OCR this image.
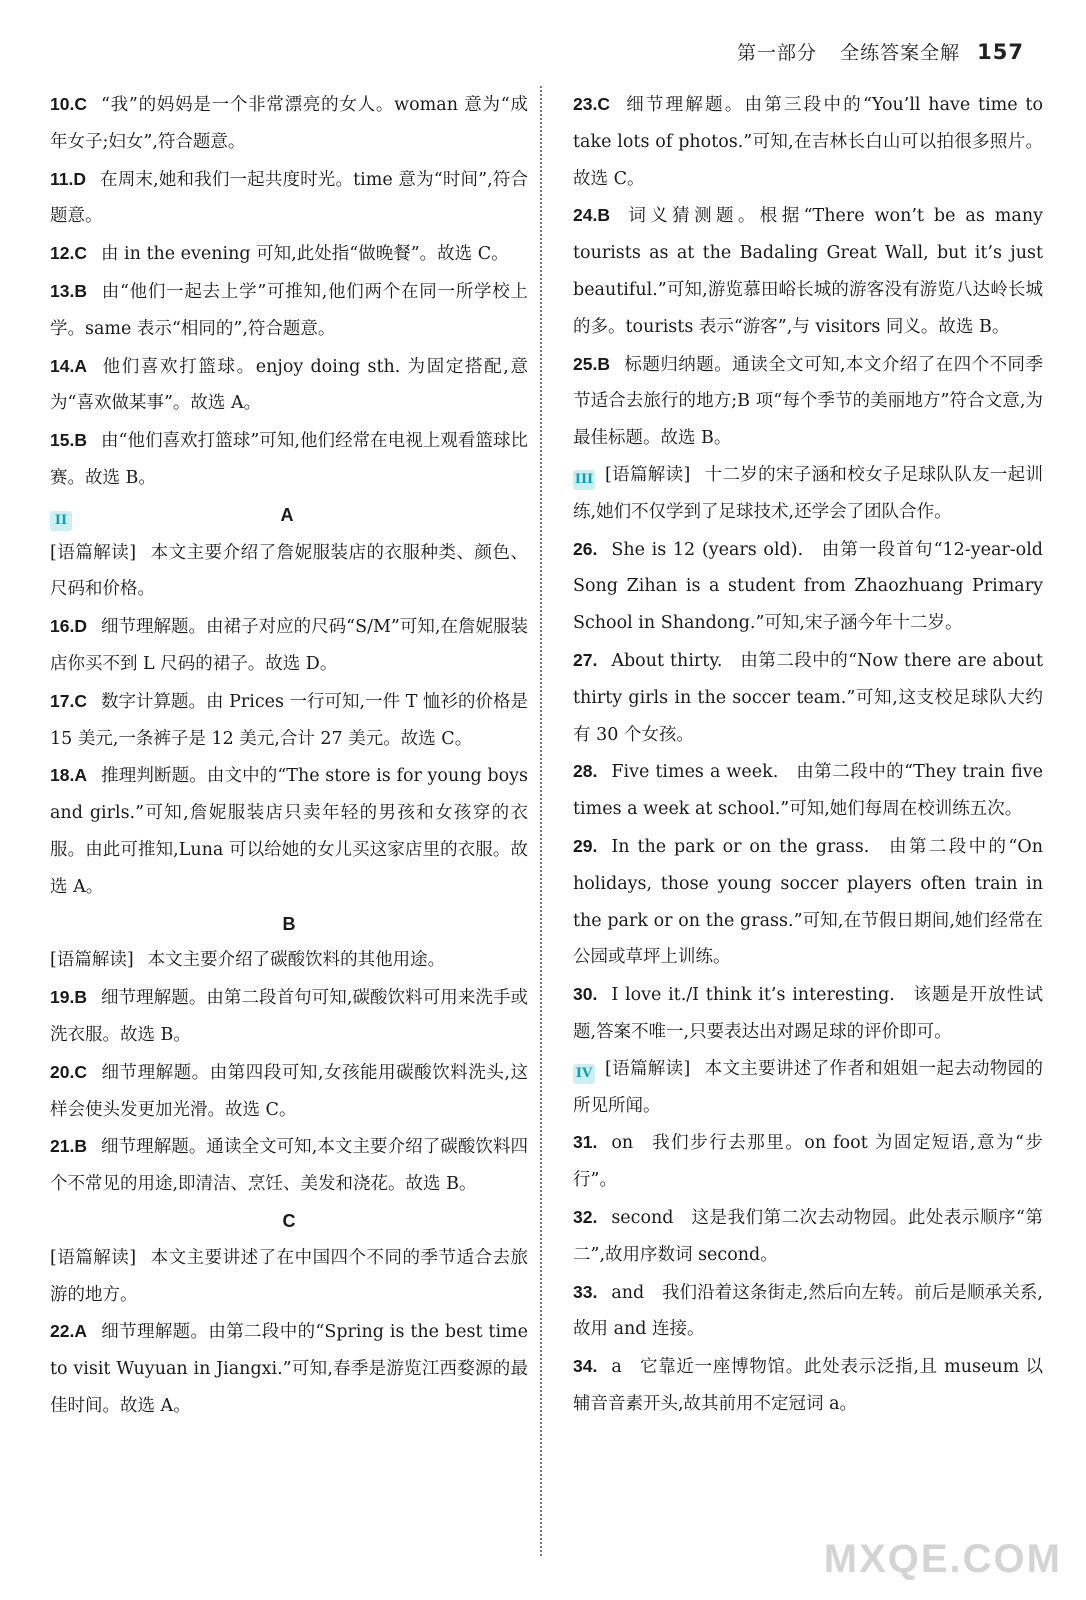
第一部分 全练答案全解 157

10.C “我”的妈妈是一个非常漂亮的女人。woman 意为“成年女子;妇女”,符合题意。

11.D 在周末,她和我们一起共度时光。time 意为“时间”,符合题意。

12.C 由 in the evening 可知,此处指“做晚餐”。故选 C。

13.B 由“他们一起去上学”可推知,他们两个在同一所学校上学。same 表示“相同的”,符合题意。

14.A 他们喜欢打篮球。enjoy doing sth. 为固定搭配,意为“喜欢做某事”。故选 A。

15.B 由“他们喜欢打篮球”可知,他们经常在电视上观看篮球比赛。故选 B。

II	A

[语篇解读] 本文主要介绍了詹妮服装店的衣服种类、颜色、尺码和价格。

16.D 细节理解题。由裙子对应的尺码“S/M”可知,在詹妮服装店你买不到 L 尺码的裙子。故选 D。

17.C 数字计算题。由 Prices 一行可知,一件 T 恤衫的价格是 15 美元,一条裤子是 12 美元,合计 27 美元。故选 C。

18.A 推理判断题。由文中的“The store is for young boys and girls.”可知,詹妮服装店只卖年轻的男孩和女孩穿的衣服。由此可推知,Luna 可以给她的女儿买这家店里的衣服。故选 A。

B

[语篇解读] 本文主要介绍了碳酸饮料的其他用途。

19.B 细节理解题。由第二段首句可知,碳酸饮料可用来洗手或洗衣服。故选 B。

20.C 细节理解题。由第四段可知,女孩能用碳酸饮料洗头,这样会使头发更加光滑。故选 C。

21.B 细节理解题。通读全文可知,本文主要介绍了碳酸饮料四个不常见的用途,即清洁、烹饪、美发和浇花。故选 B。

C

[语篇解读] 本文主要讲述了在中国四个不同的季节适合去旅游的地方。

22.A 细节理解题。由第二段中的“Spring is the best time to visit Wuyuan in Jiangxi.”可知,春季是游览江西婺源的最佳时间。故选 A。

23.C 细节理解题。由第三段中的“You’ll have time to take lots of photos.”可知,在吉林长白山可以拍很多照片。故选 C。

24.B 词义猜测题。根据“There won’t be as many tourists as at the Badaling Great Wall, but it’s just beautiful.”可知,游览慕田峪长城的游客没有游览八达岭长城的多。tourists 表示“游客”,与 visitors 同义。故选 B。

25.B 标题归纳题。通读全文可知,本文介绍了在四个不同季节适合去旅行的地方;B 项“每个季节的美丽地方”符合文意,为最佳标题。故选 B。

III [语篇解读] 十二岁的宋子涵和校女子足球队队友一起训练,她们不仅学到了足球技术,还学会了团队合作。

26. She is 12 (years old).  由第一段首句“12-year-old Song Zihan is a student from Zhaozhuang Primary School in Shandong.”可知,宋子涵今年十二岁。

27. About thirty.  由第二段中的“Now there are about thirty girls in the soccer team.”可知,这支校足球队大约有 30 个女孩。

28. Five times a week.  由第二段中的“They train five times a week at school.”可知,她们每周在校训练五次。

29. In the park or on the grass.  由第二段中的“On holidays, those young soccer players often train in the park or on the grass.”可知,在节假日期间,她们经常在公园或草坪上训练。

30. I love it./I think it’s interesting.  该题是开放性试题,答案不唯一,只要表达出对踢足球的评价即可。

IV [语篇解读] 本文主要讲述了作者和姐姐一起去动物园的所见所闻。

31. on  我们步行去那里。on foot 为固定短语,意为“步行”。

32. second  这是我们第二次去动物园。此处表示顺序“第二”,故用序数词 second。

33. and  我们沿着这条街走,然后向左转。前后是顺承关系,故用 and 连接。

34. a  它靠近一座博物馆。此处表示泛指,且 museum 以辅音音素开头,故其前用不定冠词 a。

MXQE.COM
